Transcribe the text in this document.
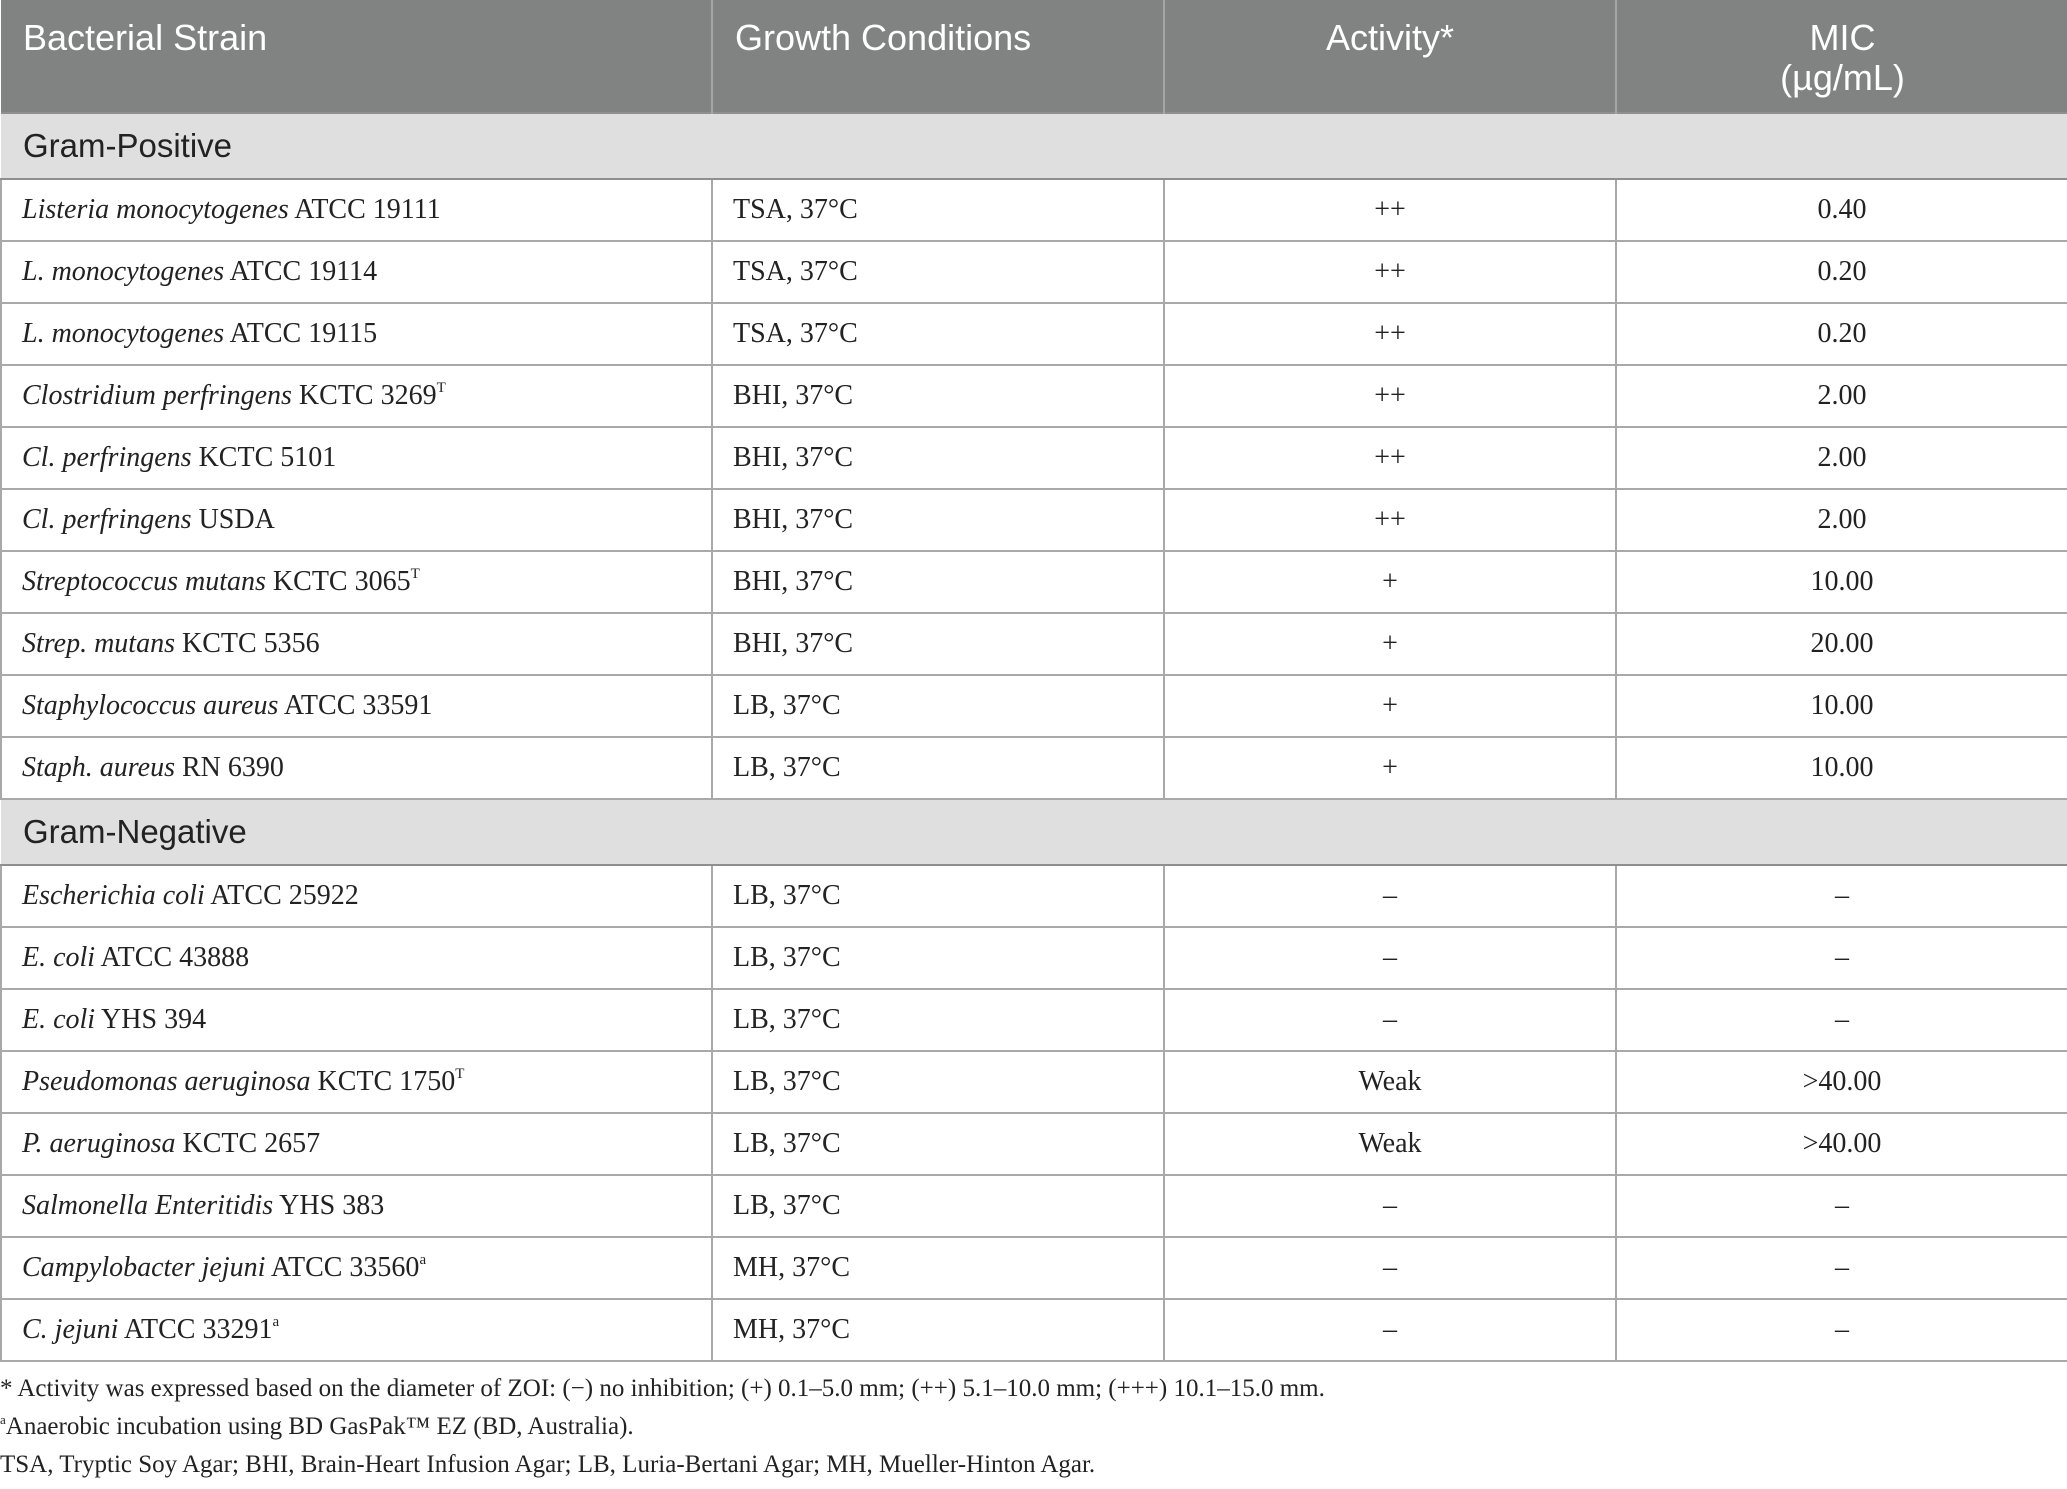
Bacterial Strain	Growth Conditions	Activity*	MIC
(µg/mL)

Gram-Positive			
Listeria monocytogenes ATCC 19111	TSA, 37°C	++	0.40
L. monocytogenes ATCC 19114	TSA, 37°C	++	0.20
L. monocytogenes ATCC 19115	TSA, 37°C	++	0.20
Clostridium perfringens KCTC $3269^T$	BHI, 37°C	++	2.00
Cl. perfringens KCTC 5101	BHI, 37°C	++	2.00
Cl. perfringens USDA	BHI, 37°C	++	2.00
Streptococcus mutans KCTC $3065^T$	BHI, 37°C	+	10.00
Strep. mutans KCTC 5356	BHI, 37°C	+	20.00
Staphylococcus aureus ATCC 33591	LB, 37°C	+	10.00
Staph. aureus RN 6390	LB, 37°C	+	10.00
Gram-Negative			
Escherichia coli ATCC 25922	LB, 37°C	–	–
E. coli ATCC 43888	LB, 37°C	–	–
E. coli YHS 394	LB, 37°C	–	–
Pseudomonas aeruginosa KCTC $1750^T$	LB, 37°C	Weak	>40.00
P. aeruginosa KCTC 2657	LB, 37°C	Weak	>40.00
Salmonella Enteritidis YHS 383	LB, 37°C	–	–
Campylobacter jejuni ATCC 33560$^a$	MH, 37°C	–	–
C. jejuni ATCC 33291$^a$	MH, 37°C	–	–
* Activity was expressed based on the diameter of ZOI: (−) no inhibition; (+) 0.1–5.0 mm; (++) 5.1–10.0 mm; (+++) 10.1–15.0 mm.
$^a$Anaerobic incubation using BD GasPak™ EZ (BD, Australia).
TSA, Tryptic Soy Agar; BHI, Brain-Heart Infusion Agar; LB, Luria-Bertani Agar; MH, Mueller-Hinton Agar.
